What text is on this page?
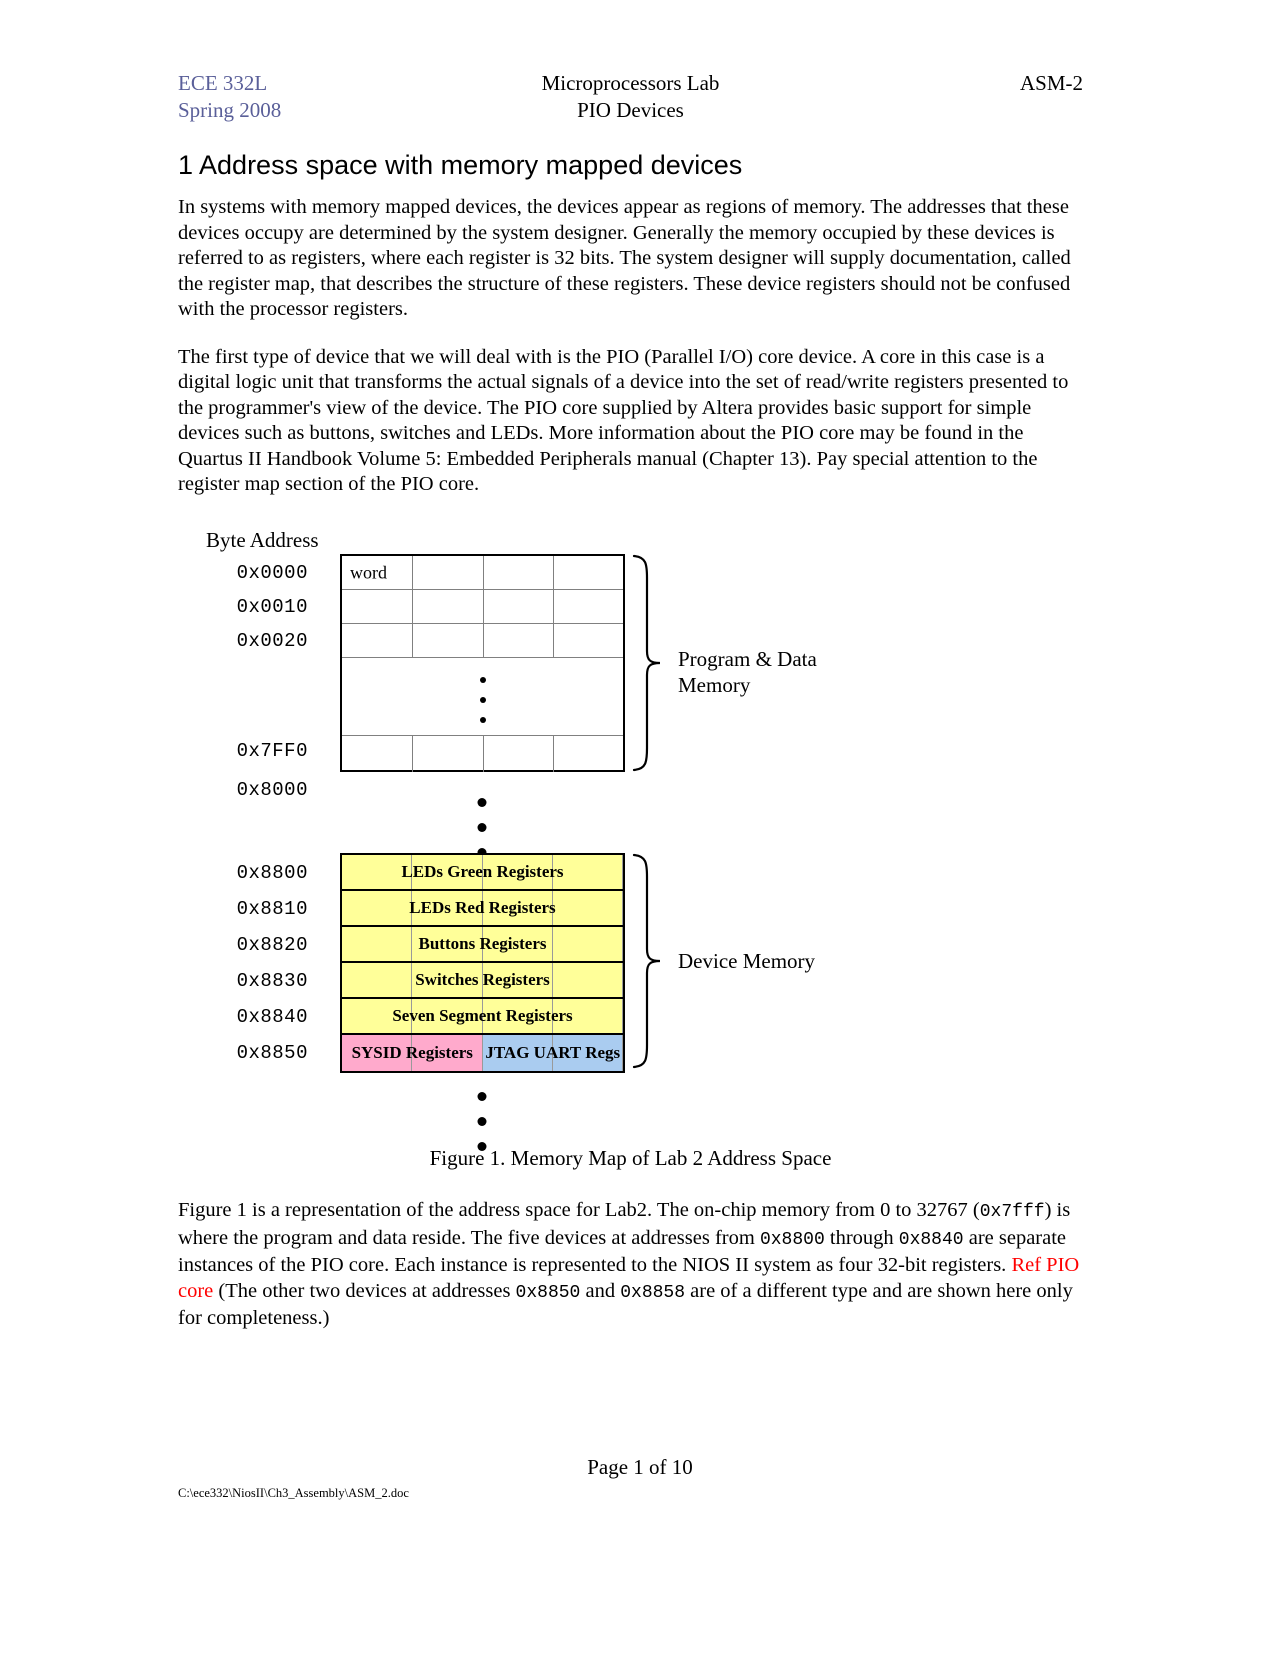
ECE 332L
Spring 2008
Microprocessors Lab
PIO Devices
ASM-2
1 Address space with memory mapped devices

In systems with memory mapped devices, the devices appear as regions of memory. The addresses that these devices occupy are determined by the system designer. Generally the memory occupied by these devices is referred to as registers, where each register is 32 bits. The system designer will supply documentation, called the register map, that describes the structure of these registers. These device registers should not be confused with the processor registers.

The first type of device that we will deal with is the PIO (Parallel I/O) core device. A core in this case is a digital logic unit that transforms the actual signals of a device into the set of read/write registers presented to the programmer's view of the device. The PIO core supplied by Altera provides basic support for simple devices such as buttons, switches and LEDs. More information about the PIO core may be found in the Quartus II Handbook Volume 5: Embedded Peripherals manual (Chapter 13). Pay special attention to the register map section of the PIO core.

Byte Address
0x0000
0x0010
0x0020
0x7FF0
0x8000
word
0x8800
0x8810
0x8820
0x8830
0x8840
0x8850
LEDs Green Registers
LEDs Red Registers
Buttons Registers
Switches Registers
Seven Segment Registers
SYSID Registers JTAG UART Regs
Program & Data
Memory
Device Memory
Figure 1. Memory Map of Lab 2 Address Space

Figure 1 is a representation of the address space for Lab2. The on-chip memory from 0 to 32767 (0x7fff) is where the program and data reside. The five devices at addresses from 0x8800 through 0x8840 are separate instances of the PIO core. Each instance is represented to the NIOS II system as four 32-bit registers. Ref PIO core (The other two devices at addresses 0x8850 and 0x8858 are of a different type and are shown here only for completeness.)

Page 1 of 10
C:\ece332\NiosII\Ch3_Assembly\ASM_2.doc
